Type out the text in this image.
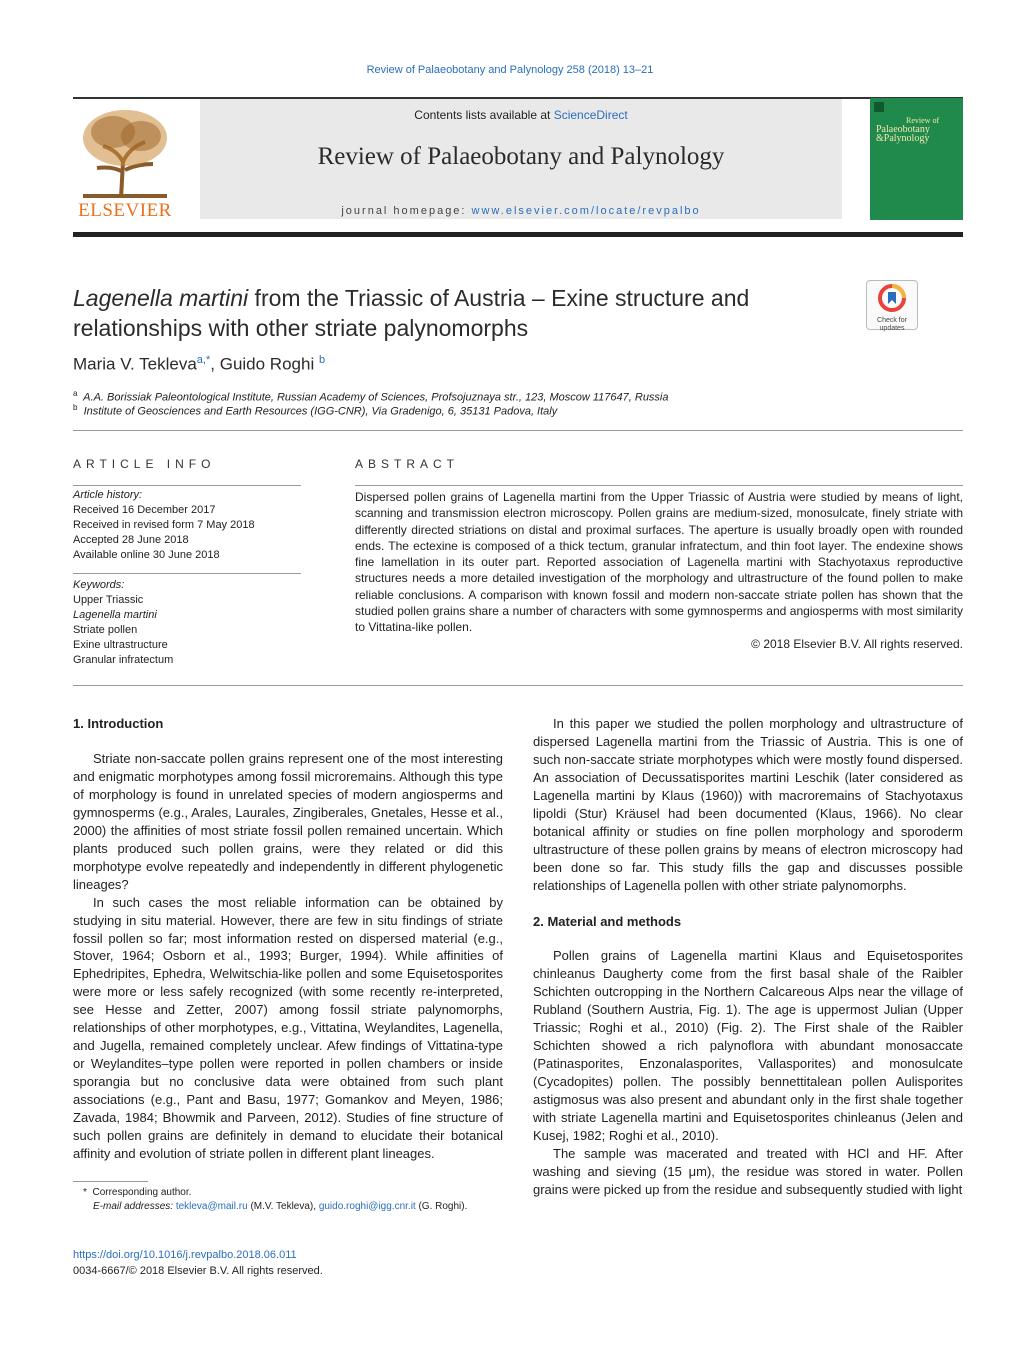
Review of Palaeobotany and Palynology 258 (2018) 13–21
ELSEVIER
Contents lists available at ScienceDirect
Review of Palaeobotany and Palynology
journal homepage: www.elsevier.com/locate/revpalbo
Review of
Palaeobotany
&Palynology
Lagenella martini from the Triassic of Austria – Exine structure and
relationships with other striate palynomorphs	Check for
updates
Maria V. Tekleva$^{a,*}$, Guido Roghi $^b$
$^a$ A.A. Borissiak Paleontological Institute, Russian Academy of Sciences, Profsojuznaya str., 123, Moscow 117647, Russia
$^b$ Institute of Geosciences and Earth Resources (IGG-CNR), Via Gradenigo, 6, 35131 Padova, Italy
ARTICLE INFO
Article history:
Received 16 December 2017
Received in revised form 7 May 2018
Accepted 28 June 2018
Available online 30 June 2018
Keywords:
Upper Triassic
Lagenella martini
Striate pollen
Exine ultrastructure
Granular infratectum
ABSTRACT
Dispersed pollen grains of Lagenella martini from the Upper Triassic of Austria were studied by means of light, scanning and transmission electron microscopy. Pollen grains are medium-sized, monosulcate, finely striate with differently directed striations on distal and proximal surfaces. The aperture is usually broadly open with rounded ends. The ectexine is composed of a thick tectum, granular infratectum, and thin foot layer. The endexine shows fine lamellation in its outer part. Reported association of Lagenella martini with Stachyotaxus reproductive structures needs a more detailed investigation of the morphology and ultrastructure of the found pollen to make reliable conclusions. A comparison with known fossil and modern non-saccate striate pollen has shown that the studied pollen grains share a number of characters with some gymnosperms and angiosperms with most similarity to Vittatina-like pollen.
© 2018 Elsevier B.V. All rights reserved.
1. Introduction

Striate non-saccate pollen grains represent one of the most interesting and enigmatic morphotypes among fossil microremains. Although this type of morphology is found in unrelated species of modern angiosperms and gymnosperms (e.g., Arales, Laurales, Zingiberales, Gnetales, Hesse et al., 2000) the affinities of most striate fossil pollen remained uncertain. Which plants produced such pollen grains, were they related or did this morphotype evolve repeatedly and independently in different phylogenetic lineages?

In such cases the most reliable information can be obtained by studying in situ material. However, there are few in situ findings of striate fossil pollen so far; most information rested on dispersed material (e.g., Stover, 1964; Osborn et al., 1993; Burger, 1994). While affinities of Ephedripites, Ephedra, Welwitschia-like pollen and some Equisetosporites were more or less safely recognized (with some recently re-interpreted, see Hesse and Zetter, 2007) among fossil striate palynomorphs, relationships of other morphotypes, e.g., Vittatina, Weylandites, Lagenella, and Jugella, remained completely unclear. Afew findings of Vittatina-type or Weylandites–type pollen were reported in pollen chambers or inside sporangia but no conclusive data were obtained from such plant associations (e.g., Pant and Basu, 1977; Gomankov and Meyen, 1986; Zavada, 1984; Bhowmik and Parveen, 2012). Studies of fine structure of such pollen grains are definitely in demand to elucidate their botanical affinity and evolution of striate pollen in different plant lineages.

* Corresponding author.
E-mail addresses: tekleva@mail.ru (M.V. Tekleva), guido.roghi@igg.cnr.it (G. Roghi).

In this paper we studied the pollen morphology and ultrastructure of dispersed Lagenella martini from the Triassic of Austria. This is one of such non-saccate striate morphotypes which were mostly found dispersed. An association of Decussatisporites martini Leschik (later considered as Lagenella martini by Klaus (1960)) with macroremains of Stachyotaxus lipoldi (Stur) Kräusel had been documented (Klaus, 1966). No clear botanical affinity or studies on fine pollen morphology and sporoderm ultrastructure of these pollen grains by means of electron microscopy had been done so far. This study fills the gap and discusses possible relationships of Lagenella pollen with other striate palynomorphs.

2. Material and methods

Pollen grains of Lagenella martini Klaus and Equisetosporites chinleanus Daugherty come from the first basal shale of the Raibler Schichten outcropping in the Northern Calcareous Alps near the village of Rubland (Southern Austria, Fig. 1). The age is uppermost Julian (Upper Triassic; Roghi et al., 2010) (Fig. 2). The First shale of the Raibler Schichten showed a rich palynoflora with abundant monosaccate (Patinasporites, Enzonalasporites, Vallasporites) and monosulcate (Cycadopites) pollen. The possibly bennettitalean pollen Aulisporites astigmosus was also present and abundant only in the first shale together with striate Lagenella martini and Equisetosporites chinleanus (Jelen and Kusej, 1982; Roghi et al., 2010).

The sample was macerated and treated with HCl and HF. After washing and sieving (15 μm), the residue was stored in water. Pollen grains were picked up from the residue and subsequently studied with light

https://doi.org/10.1016/j.revpalbo.2018.06.011
0034-6667/© 2018 Elsevier B.V. All rights reserved.
